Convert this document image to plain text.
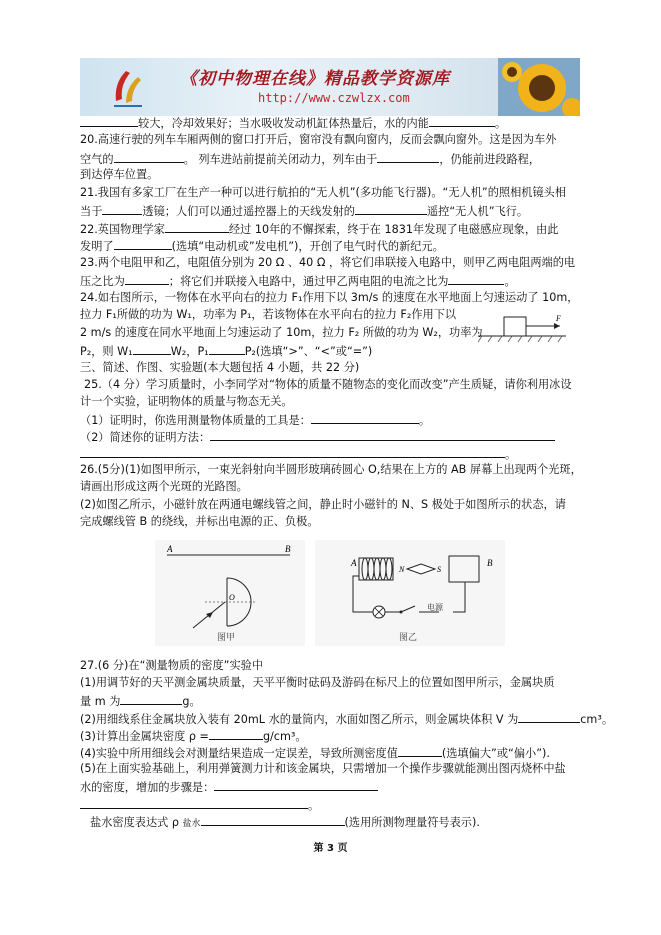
《初中物理在线》精品教学资源库
http://www.czwlzx.com
较大，冷却效果好；当水吸收发动机缸体热量后，水的内能	。
20.高速行驶的列车车厢两侧的窗口打开后，窗帘没有飘向窗内，反而会飘向窗外。这是因为车外
空气的	。 列车进站前提前关闭动力，列车由于	，仍能前进段路程，
到达停车位置。
21.我国有多家工厂在生产一种可以进行航拍的“无人机”(多功能飞行器)。“无人机”的照相机镜头相
当于	透镜；人们可以通过遥控器上的天线发射的	遥控“无人机”飞行。
22.英国物理学家	经过 10年的不懈探索，终于在 1831年发现了电磁感应现象，由此
发明了	(选填“电动机或”发电机”)，开创了电气时代的新纪元。
23.两个电阻甲和乙，电阻值分别为 20 Ω 、40 Ω ，将它们串联接入电路中，则甲乙两电阻两端的电
压之比为	；将它们并联接入电路中，通过甲乙两电阻的电流之比为	。
24.如右图所示，一物体在水平向右的拉力 F₁作用下以 3m/s 的速度在水平地面上匀速运动了 10m，
拉力 F₁所做的功为 W₁，功率为 P₁，若该物体在水平向右的拉力 F₂作用下以
2 m/s 的速度在同水平地面上匀速运动了 10m，拉力 F₂ 所做的功为 W₂，功率为
P₂，则 W₁	W₂，P₁	P₂(选填“>”、“<”或“=”)
F
三、简述、作图、实验题(本大题包括 4 小题，共 22 分)
25.（4 分）学习质量时，小李同学对“物体的质量不随物态的变化而改变”产生质疑，请你利用冰设
计一个实验，证明物体的质量与物态无关。
（1）证明时，你选用测量物体质量的工具是：	。
（2）简述你的证明方法：
。
26.(5分)(1)如图甲所示，一束光斜射向半圆形玻璃砖圆心 O,结果在上方的 AB 屏幕上出现两个光斑，
请画出形成这两个光斑的光路图。
(2)如图乙所示，小磁针放在两通电螺线管之间，静止时小磁针的 N、S 极处于如图所示的状态，请
完成螺线管 B 的绕线，并标出电源的正、负极。
A	B
O
图甲
A
N	S
B
电源
图乙
27.(6 分)在“测量物质的密度”实验中
(1)用调节好的天平测金属块质量，天平平衡时砝码及游码在标尺上的位置如图甲所示，金属块质
量 m 为	g。
(2)用细线系住金属块放入装有 20mL 水的量筒内，水面如图乙所示，则金属块体积 V 为	cm³。
(3)计算出金属块密度 ρ =	g/cm³。
(4)实验中所用细线会对测量结果造成一定误差，导致所测密度值	(选填偏大”或“偏小”).
(5)在上面实验基础上，利用弹簧测力计和该金属块，只需增加一个操作步骤就能测出图丙烧杯中盐
水的密度，增加的步骤是：
。
盐水密度表达式 ρ 盐水	(选用所测物理量符号表示).
第 3 页
